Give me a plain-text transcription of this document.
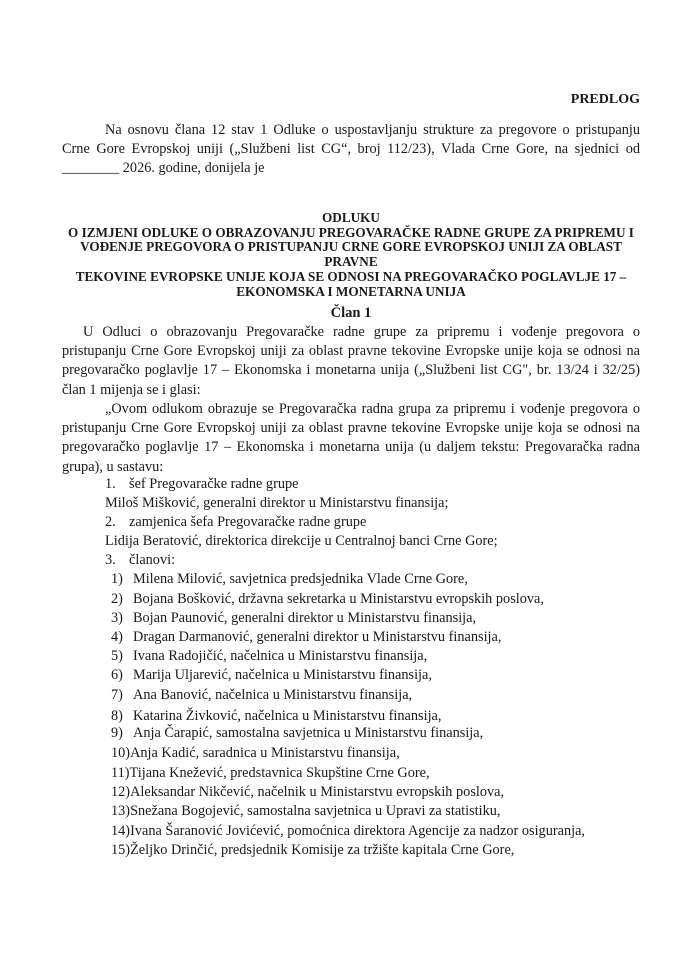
PREDLOG
Na osnovu člana 12 stav 1 Odluke o uspostavljanju strukture za pregovore o pristupanju Crne Gore Evropskoj uniji („Službeni list CG“, broj 112/23), Vlada Crne Gore, na sjednici od ________ 2026. godine, donijela je
ODLUKU
O IZMJENI ODLUKE O OBRAZOVANJU PREGOVARAČKE RADNE GRUPE ZA PRIPREMU I
VOĐENJE PREGOVORA O PRISTUPANJU CRNE GORE EVROPSKOJ UNIJI ZA OBLAST PRAVNE
TEKOVINE EVROPSKE UNIJE KOJA SE ODNOSI NA PREGOVARAČKO POGLAVLJE 17 –
EKONOMSKA I MONETARNA UNIJA
Član 1
U Odluci o obrazovanju Pregovaračke radne grupe za pripremu i vođenje pregovora o pristupanju Crne Gore Evropskoj uniji za oblast pravne tekovine Evropske unije koja se odnosi na pregovaračko poglavlje 17 – Ekonomska i monetarna unija („Službeni list CG", br. 13/24 i 32/25) član 1 mijenja se i glasi:
„Ovom odlukom obrazuje se Pregovaračka radna grupa za pripremu i vođenje pregovora o pristupanju Crne Gore Evropskoj uniji za oblast pravne tekovine Evropske unije koja se odnosi na pregovaračko poglavlje 17 – Ekonomska i monetarna unija (u daljem tekstu: Pregovaračka radna grupa), u sastavu:
1. šef Pregovaračke radne grupe
Miloš Mišković, generalni direktor u Ministarstvu finansija;
2. zamjenica šefa Pregovaračke radne grupe
Lidija Beratović, direktorica direkcije u Centralnoj banci Crne Gore;
3. članovi:
1) Milena Milović, savjetnica predsjednika Vlade Crne Gore,
2) Bojana Bošković, državna sekretarka u Ministarstvu evropskih poslova,
3) Bojan Paunović, generalni direktor u Ministarstvu finansija,
4) Dragan Darmanović, generalni direktor u Ministarstvu finansija,
5) Ivana Radojičić, načelnica u Ministarstvu finansija,
6) Marija Uljarević, načelnica u Ministarstvu finansija,
7) Ana Banović, načelnica u Ministarstvu finansija,
8) Katarina Živković, načelnica u Ministarstvu finansija,
9) Anja Čarapić, samostalna savjetnica u Ministarstvu finansija,
10)Anja Kadić, saradnica u Ministarstvu finansija,
11)Tijana Knežević, predstavnica Skupštine Crne Gore,
12)Aleksandar Nikčević, načelnik u Ministarstvu evropskih poslova,
13)Snežana Bogojević, samostalna savjetnica u Upravi za statistiku,
14)Ivana Šaranović Jovićević, pomoćnica direktora Agencije za nadzor osiguranja,
15)Željko Drinčić, predsjednik Komisije za tržište kapitala Crne Gore,
